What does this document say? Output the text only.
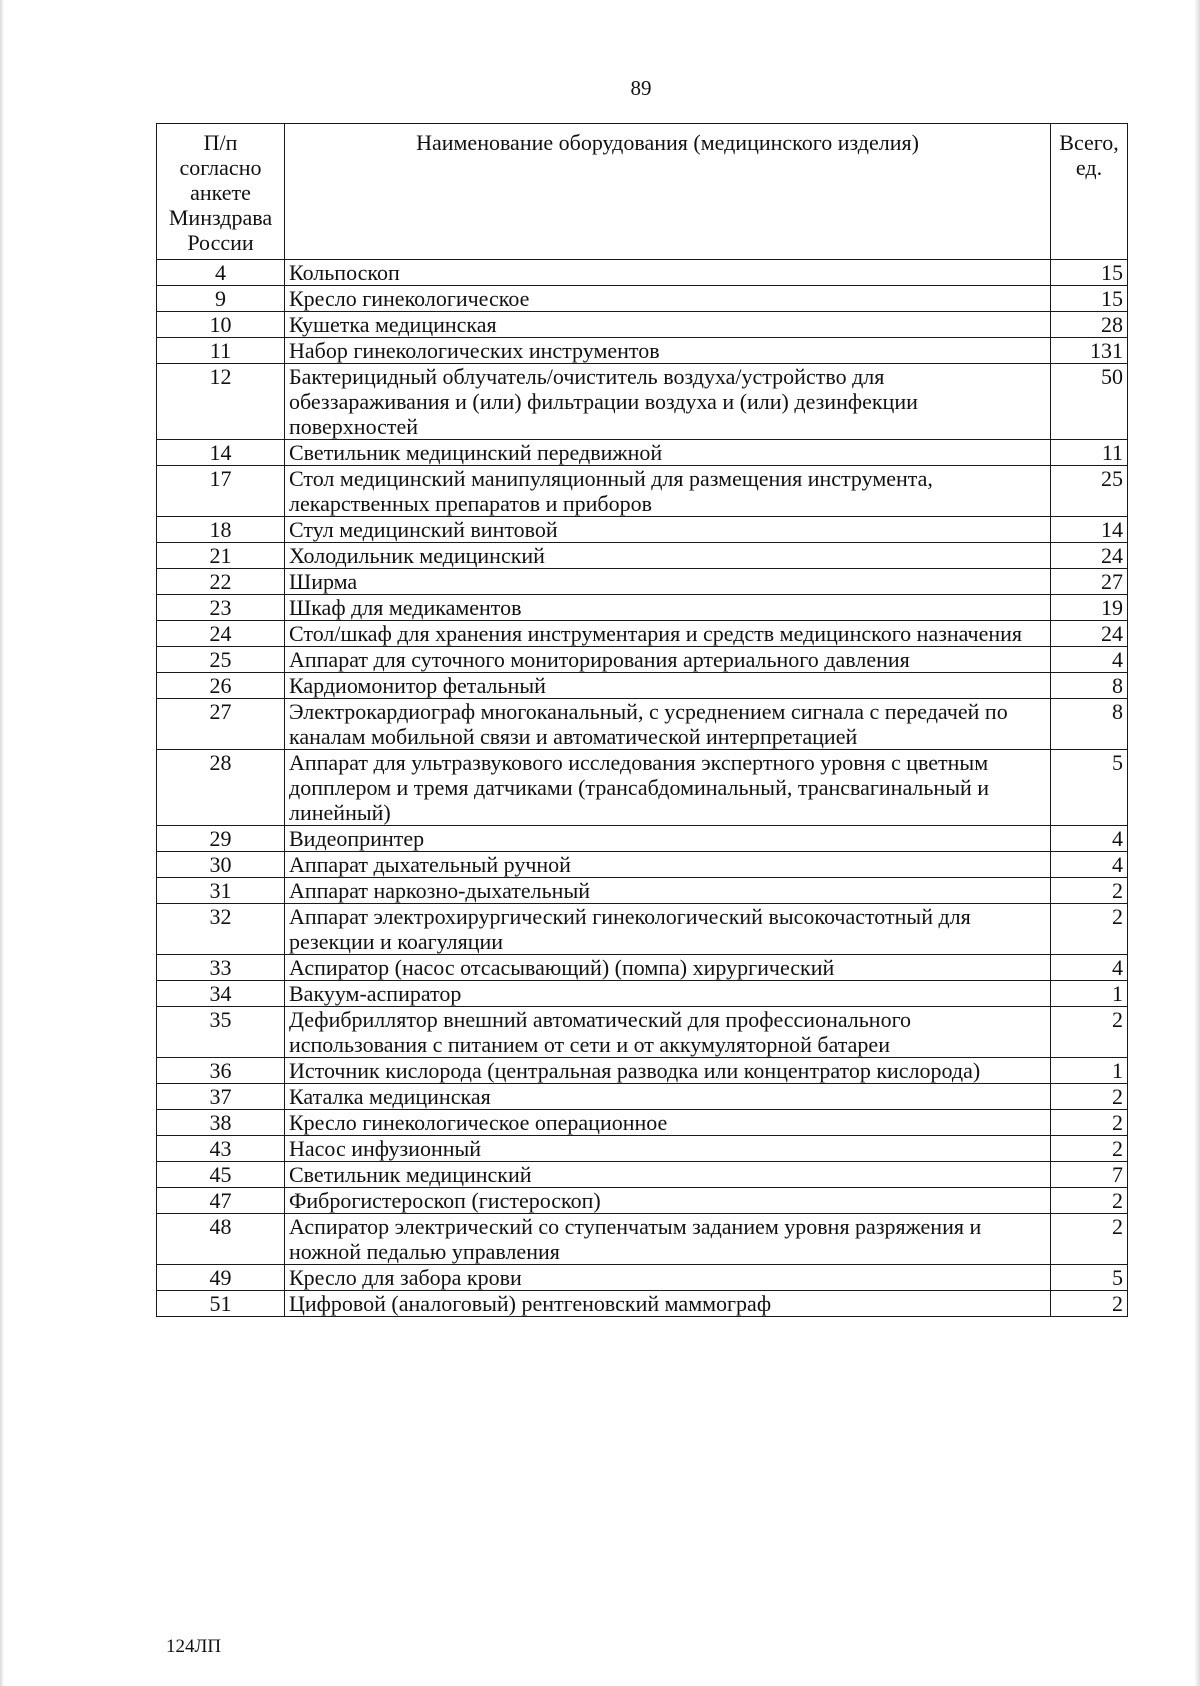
89
П/п согласно анкете Минздрава России	Наименование оборудования (медицинского изделия)	Всего, ед.
4	Кольпоскоп	15
9	Кресло гинекологическое	15
10	Кушетка медицинская	28
11	Набор гинекологических инструментов	131
12	Бактерицидный облучатель/очиститель воздуха/устройство для обеззараживания и (или) фильтрации воздуха и (или) дезинфекции поверхностей	50
14	Светильник медицинский передвижной	11
17	Стол медицинский манипуляционный для размещения инструмента, лекарственных препаратов и приборов	25
18	Стул медицинский винтовой	14
21	Холодильник медицинский	24
22	Ширма	27
23	Шкаф для медикаментов	19
24	Стол/шкаф для хранения инструментария и средств медицинского назначения	24
25	Аппарат для суточного мониторирования артериального давления	4
26	Кардиомонитор фетальный	8
27	Электрокардиограф многоканальный, с усреднением сигнала с передачей по каналам мобильной связи и автоматической интерпретацией	8
28	Аппарат для ультразвукового исследования экспертного уровня с цветным допплером и тремя датчиками (трансабдоминальный, трансвагинальный и линейный)	5
29	Видеопринтер	4
30	Аппарат дыхательный ручной	4
31	Аппарат наркозно-дыхательный	2
32	Аппарат электрохирургический гинекологический высокочастотный для резекции и коагуляции	2
33	Аспиратор (насос отсасывающий) (помпа) хирургический	4
34	Вакуум-аспиратор	1
35	Дефибриллятор внешний автоматический для профессионального использования с питанием от сети и от аккумуляторной батареи	2
36	Источник кислорода (центральная разводка или концентратор кислорода)	1
37	Каталка медицинская	2
38	Кресло гинекологическое операционное	2
43	Насос инфузионный	2
45	Светильник медицинский	7
47	Фиброгистероскоп (гистероскоп)	2
48	Аспиратор электрический со ступенчатым заданием уровня разряжения и ножной педалью управления	2
49	Кресло для забора крови	5
51	Цифровой (аналоговый) рентгеновский маммограф	2
124ЛП
